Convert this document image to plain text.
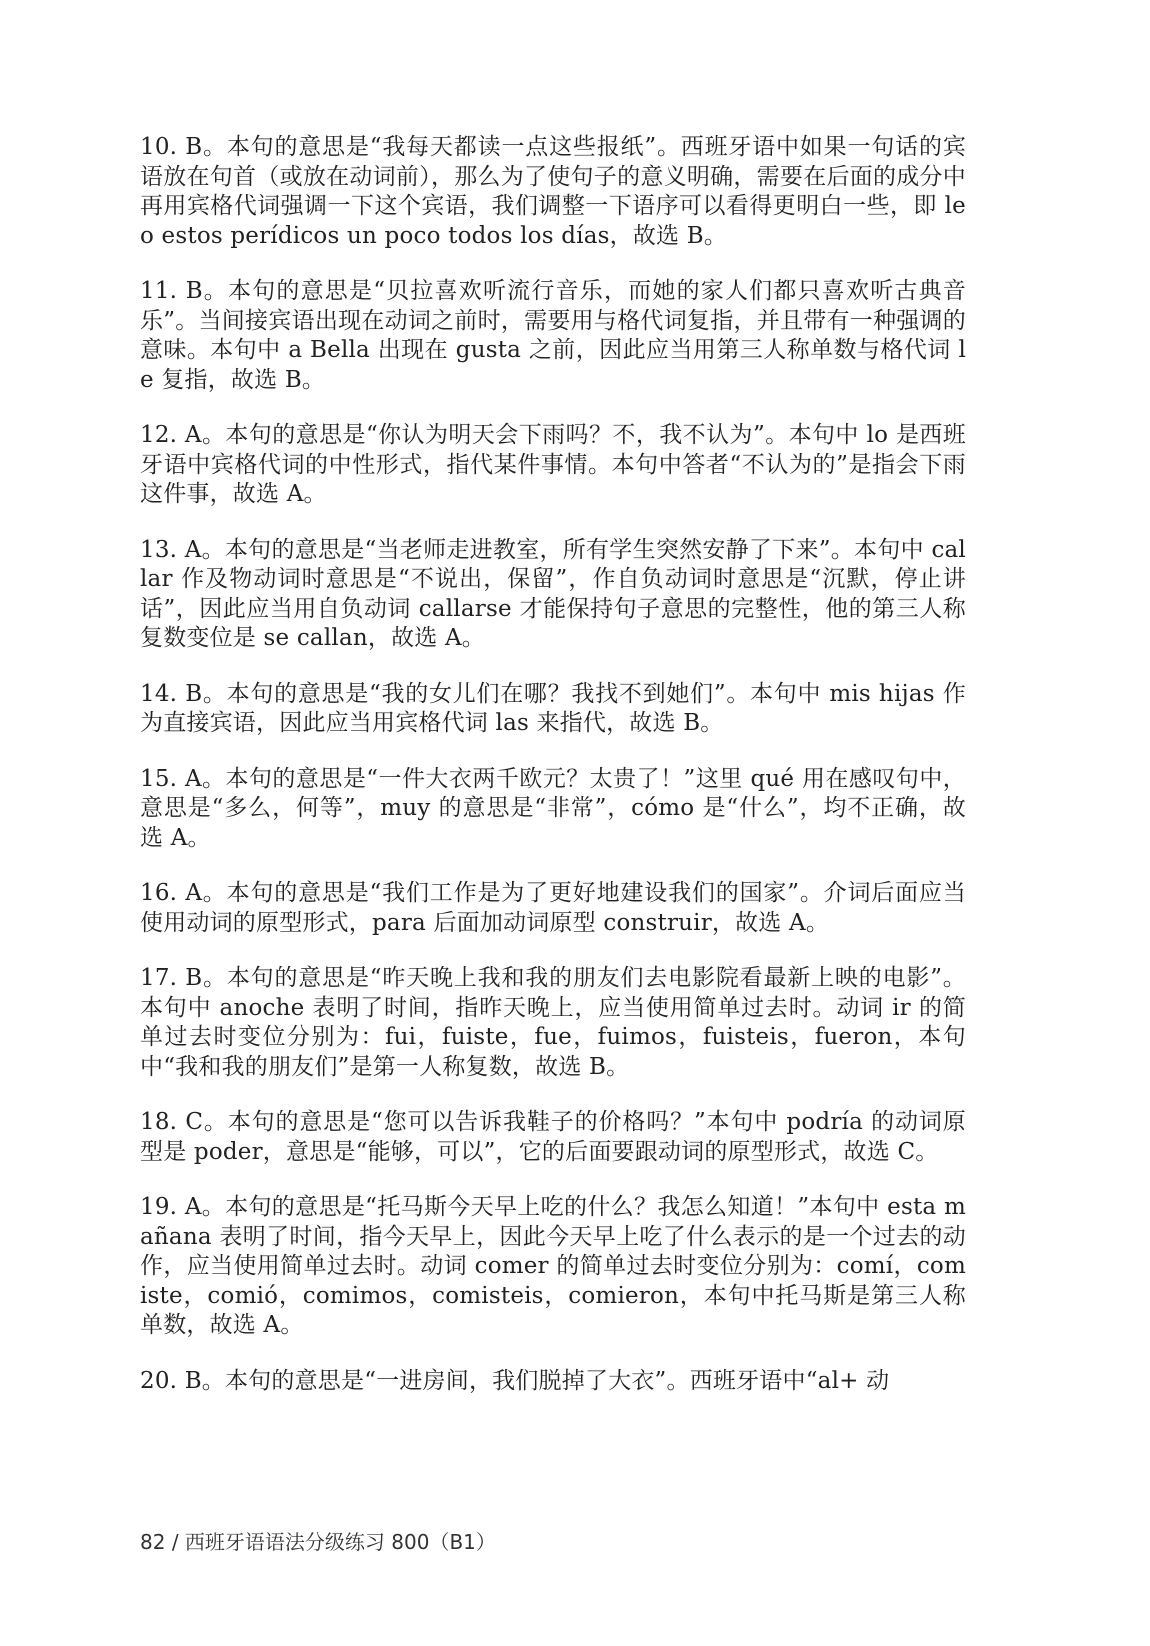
10. B。本句的意思是“我每天都读一点这些报纸”。西班牙语中如果一句话的宾语放在句首（或放在动词前），那么为了使句子的意义明确，需要在后面的成分中再用宾格代词强调一下这个宾语，我们调整一下语序可以看得更明白一些，即 leo estos perídicos un poco todos los días，故选 B。

11. B。本句的意思是“贝拉喜欢听流行音乐，而她的家人们都只喜欢听古典音乐”。当间接宾语出现在动词之前时，需要用与格代词复指，并且带有一种强调的意味。本句中 a Bella 出现在 gusta 之前，因此应当用第三人称单数与格代词 le 复指，故选 B。

12. A。本句的意思是“你认为明天会下雨吗？不，我不认为”。本句中 lo 是西班牙语中宾格代词的中性形式，指代某件事情。本句中答者“不认为的”是指会下雨这件事，故选 A。

13. A。本句的意思是“当老师走进教室，所有学生突然安静了下来”。本句中 callar 作及物动词时意思是“不说出，保留”，作自负动词时意思是“沉默，停止讲话”，因此应当用自负动词 callarse 才能保持句子意思的完整性，他的第三人称复数变位是 se callan，故选 A。

14. B。本句的意思是“我的女儿们在哪？我找不到她们”。本句中 mis hijas 作为直接宾语，因此应当用宾格代词 las 来指代，故选 B。

15. A。本句的意思是“一件大衣两千欧元？太贵了！”这里 qué 用在感叹句中，意思是“多么，何等”，muy 的意思是“非常”，cómo 是“什么”，均不正确，故选 A。

16. A。本句的意思是“我们工作是为了更好地建设我们的国家”。介词后面应当使用动词的原型形式，para 后面加动词原型 construir，故选 A。

17. B。本句的意思是“昨天晚上我和我的朋友们去电影院看最新上映的电影”。本句中 anoche 表明了时间，指昨天晚上，应当使用简单过去时。动词 ir 的简单过去时变位分别为：fui，fuiste，fue，fuimos，fuisteis，fueron，本句中“我和我的朋友们”是第一人称复数，故选 B。

18. C。本句的意思是“您可以告诉我鞋子的价格吗？”本句中 podría 的动词原型是 poder，意思是“能够，可以”，它的后面要跟动词的原型形式，故选 C。

19. A。本句的意思是“托马斯今天早上吃的什么？我怎么知道！”本句中 esta mañana 表明了时间，指今天早上，因此今天早上吃了什么表示的是一个过去的动作，应当使用简单过去时。动词 comer 的简单过去时变位分别为：comí，comiste，comió，comimos，comisteis，comieron，本句中托马斯是第三人称单数，故选 A。

20. B。本句的意思是“一进房间，我们脱掉了大衣”。西班牙语中“al+ 动

82 / 西班牙语语法分级练习 800（B1）
